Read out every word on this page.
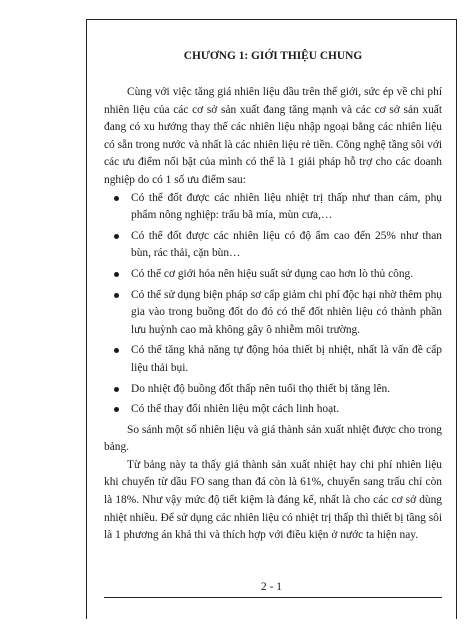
CHƯƠNG 1: GIỚI THIỆU CHUNG

Cùng với việc tăng giá nhiên liệu dầu trên thế giới, sức ép về chi phí nhiên liệu của các cơ sở sản xuất đang tăng mạnh và các cơ sở sản xuất đang có xu hướng thay thế các nhiên liệu nhập ngoại bằng các nhiên liệu có sẵn trong nước và nhất là các nhiên liệu rẻ tiền. Công nghệ tầng sôi với các ưu điểm nổi bật của mình có thể là 1 giải pháp hỗ trợ cho các doanh nghiệp do có 1 số ưu điểm sau:

Có thể đốt được các nhiên liệu nhiệt trị thấp như than cám, phụ phẩm nông nghiệp: trấu bã mía, mùn cưa,…
Có thể đốt được các nhiên liệu có độ ẩm cao đến 25% như than bùn, rác thải, cặn bùn…
Có thể cơ giới hóa nên hiệu suất sử dụng cao hơn lò thủ công.
Có thể sử dụng biện pháp sơ cấp giảm chi phí độc hại nhờ thêm phụ gia vào trong buồng đốt do đó có thể đốt nhiên liệu có thành phần lưu huỳnh cao mà không gây ô nhiễm môi trường.
Có thể tăng khả năng tự động hóa thiết bị nhiệt, nhất là vấn đề cấp liệu thải bụi.
Do nhiệt độ buồng đốt thấp nên tuổi thọ thiết bị tăng lên.
Có thể thay đổi nhiên liệu một cách linh hoạt.

So sánh một số nhiên liệu và giá thành sản xuất nhiệt được cho trong bảng.

Từ bảng này ta thấy giá thành sản xuất nhiệt hay chi phí nhiên liệu khi chuyển từ dầu FO sang than đá còn là 61%, chuyển sang trấu chỉ còn là 18%. Như vậy mức độ tiết kiệm là đáng kể, nhất là cho các cơ sở dùng nhiệt nhiều. Để sử dụng các nhiên liệu có nhiệt trị thấp thì thiết bị tầng sôi là 1 phương án khả thi và thích hợp với điều kiện ở nước ta hiện nay.

2 - 1
